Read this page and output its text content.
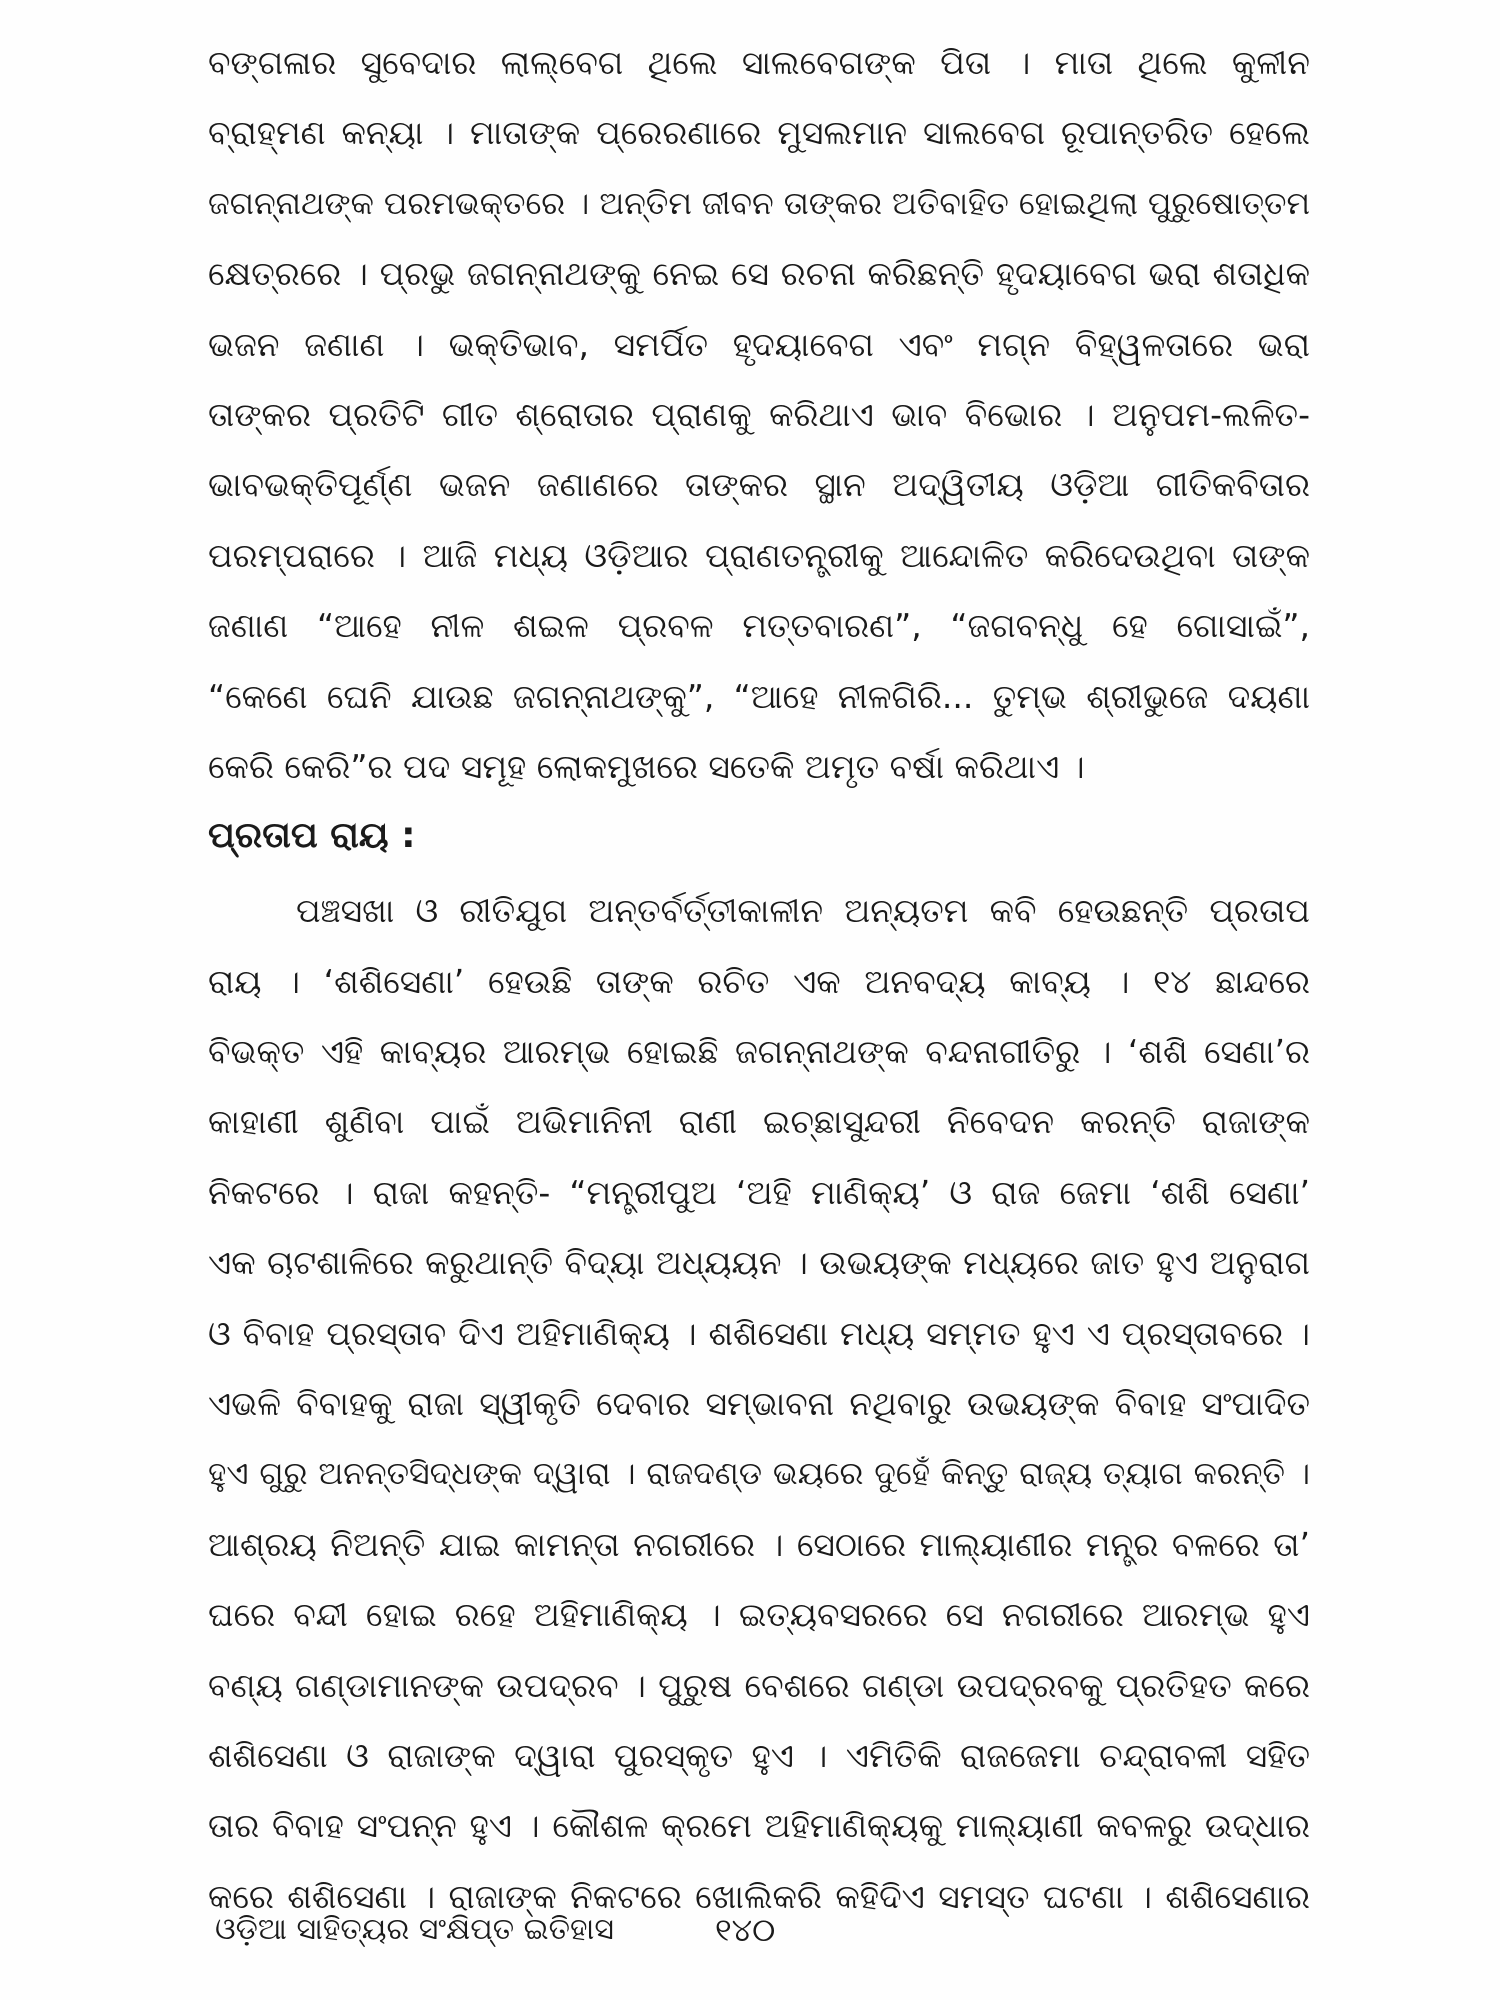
ବଙ୍ଗଳାର ସୁବେଦାର ଲାଲ୍‌ବେଗ ଥିଲେ ସାଲବେଗଙ୍କ ପିତା । ମାତା ଥିଲେ କୁଳୀନ
ବ୍ରାହ୍ମଣ କନ୍ୟା । ମାତାଙ୍କ ପ୍ରେରଣାରେ ମୁସଲମାନ ସାଲବେଗ ରୂପାନ୍ତରିତ ହେଲେ
ଜଗନ୍ନାଥଙ୍କ ପରମଭକ୍ତରେ । ଅନ୍ତିମ ଜୀବନ ତାଙ୍କର ଅତିବାହିତ ହୋଇଥିଲା ପୁରୁଷୋତ୍ତମ
କ୍ଷେତ୍ରରେ । ପ୍ରଭୁ ଜଗନ୍ନାଥଙ୍କୁ ନେଇ ସେ ରଚନା କରିଛନ୍ତି ହୃଦୟାବେଗ ଭରା ଶତାଧିକ
ଭଜନ ଜଣାଣ । ଭକ୍ତିଭାବ, ସମର୍ପିତ ହୃଦୟାବେଗ ଏବଂ ମଗ୍ନ ବିହ୍ୱଳତାରେ ଭରା
ତାଙ୍କର ପ୍ରତିଟି ଗୀତ ଶ୍ରୋତାର ପ୍ରାଣକୁ କରିଥାଏ ଭାବ ବିଭୋର । ଅନୁପମ-ଲଳିତ-
ଭାବଭକ୍ତିପୂର୍ଣ୍ଣ ଭଜନ ଜଣାଣରେ ତାଙ୍କର ସ୍ଥାନ ଅଦ୍ୱିତୀୟ ଓଡ଼ିଆ ଗୀତିକବିତାର
ପରମ୍ପରାରେ । ଆଜି ମଧ୍ୟ ଓଡ଼ିଆର ପ୍ରାଣତନ୍ତ୍ରୀକୁ ଆନ୍ଦୋଳିତ କରିଦେଉଥିବା ତାଙ୍କ
ଜଣାଣ “ଆହେ ନୀଳ ଶଇଳ ପ୍ରବଳ ମତ୍ତବାରଣ”, “ଜଗବନ୍ଧୁ ହେ ଗୋସାଇଁ”,
“କେଣେ ଘେନି ଯାଉଛ ଜଗନ୍ନାଥଙ୍କୁ”, “ଆହେ ନୀଳଗିରି... ତୁମ୍ଭ ଶ୍ରୀଭୁଜେ ଦୟଣା
କେରି କେରି”ର ପଦ ସମୂହ ଲୋକମୁଖରେ ସତେକି ଅମୃତ ବର୍ଷା କରିଥାଏ ।
ପ୍ରତାପ ରାୟ :
ପଞ୍ଚସଖା ଓ ରୀତିଯୁଗ ଅନ୍ତର୍ବର୍ତ୍ତୀକାଳୀନ ଅନ୍ୟତମ କବି ହେଉଛନ୍ତି ପ୍ରତାପ
ରାୟ । ‘ଶଶିସେଣା’ ହେଉଛି ତାଙ୍କ ରଚିତ ଏକ ଅନବଦ୍ୟ କାବ୍ୟ । ୧୪ ଛାନ୍ଦରେ
ବିଭକ୍ତ ଏହି କାବ୍ୟର ଆରମ୍ଭ ହୋଇଛି ଜଗନ୍ନାଥଙ୍କ ବନ୍ଦନାଗୀତିରୁ । ‘ଶଶି ସେଣା’ର
କାହାଣୀ ଶୁଣିବା ପାଇଁ ଅଭିମାନିନୀ ରାଣୀ ଇଚ୍ଛାସୁନ୍ଦରୀ ନିବେଦନ କରନ୍ତି ରାଜାଙ୍କ
ନିକଟରେ । ରାଜା କହନ୍ତି- “ମନ୍ତ୍ରୀପୁଅ ‘ଅହି ମାଣିକ୍ୟ’ ଓ ରାଜ ଜେମା ‘ଶଶି ସେଣା’
ଏକ ଚାଟଶାଳିରେ କରୁଥାନ୍ତି ବିଦ୍ୟା ଅଧ୍ୟୟନ । ଉଭୟଙ୍କ ମଧ୍ୟରେ ଜାତ ହୁଏ ଅନୁରାଗ
ଓ ବିବାହ ପ୍ରସ୍ତାବ ଦିଏ ଅହିମାଣିକ୍ୟ । ଶଶିସେଣା ମଧ୍ୟ ସମ୍ମତ ହୁଏ ଏ ପ୍ରସ୍ତାବରେ ।
ଏଭଳି ବିବାହକୁ ରାଜା ସ୍ୱୀକୃତି ଦେବାର ସମ୍ଭାବନା ନଥିବାରୁ ଉଭୟଙ୍କ ବିବାହ ସଂପାଦିତ
ହୁଏ ଗୁରୁ ଅନନ୍ତସିଦ୍ଧଙ୍କ ଦ୍ୱାରା । ରାଜଦଣ୍ଡ ଭୟରେ ଦୁହେଁ କିନ୍ତୁ ରାଜ୍ୟ ତ୍ୟାଗ କରନ୍ତି ।
ଆଶ୍ରୟ ନିଅନ୍ତି ଯାଇ କାମନ୍ତା ନଗରୀରେ । ସେଠାରେ ମାଲ୍ୟାଣୀର ମନ୍ତ୍ର ବଳରେ ତା’
ଘରେ ବନ୍ଦୀ ହୋଇ ରହେ ଅହିମାଣିକ୍ୟ । ଇତ୍ୟବସରରେ ସେ ନଗରୀରେ ଆରମ୍ଭ ହୁଏ
ବଣ୍ୟ ଗଣ୍ଡାମାନଙ୍କ ଉପଦ୍ରବ । ପୁରୁଷ ବେଶରେ ଗଣ୍ଡା ଉପଦ୍ରବକୁ ପ୍ରତିହତ କରେ
ଶଶିସେଣା ଓ ରାଜାଙ୍କ ଦ୍ୱାରା ପୁରସ୍କୃତ ହୁଏ । ଏମିତିକି ରାଜଜେମା ଚନ୍ଦ୍ରାବଳୀ ସହିତ
ତାର ବିବାହ ସଂପନ୍ନ ହୁଏ । କୌଶଳ କ୍ରମେ ଅହିମାଣିକ୍ୟକୁ ମାଲ୍ୟାଣୀ କବଳରୁ ଉଦ୍ଧାର
କରେ ଶଶିସେଣା । ରାଜାଙ୍କ ନିକଟରେ ଖୋଲିକରି କହିଦିଏ ସମସ୍ତ ଘଟଣା । ଶଶିସେଣାର
ଓଡ଼ିଆ ସାହିତ୍ୟର ସଂକ୍ଷିପ୍ତ ଇତିହାସ	୧୪୦
